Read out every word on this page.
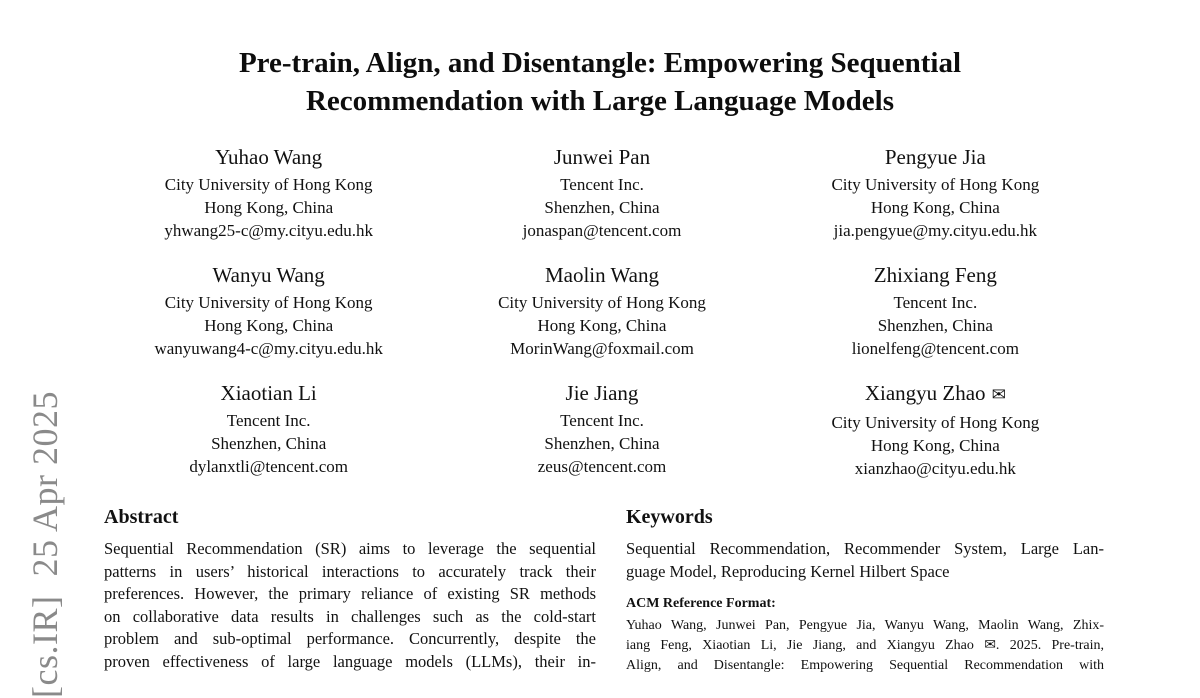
[cs.IR]  25 Apr 2025
Pre-train, Align, and Disentangle: Empowering Sequential
Recommendation with Large Language Models
Yuhao Wang
City University of Hong Kong
Hong Kong, China
yhwang25-c@my.cityu.edu.hk
Junwei Pan
Tencent Inc.
Shenzhen, China
jonaspan@tencent.com
Pengyue Jia
City University of Hong Kong
Hong Kong, China
jia.pengyue@my.cityu.edu.hk
Wanyu Wang
City University of Hong Kong
Hong Kong, China
wanyuwang4-c@my.cityu.edu.hk
Maolin Wang
City University of Hong Kong
Hong Kong, China
MorinWang@foxmail.com
Zhixiang Feng
Tencent Inc.
Shenzhen, China
lionelfeng@tencent.com
Xiaotian Li
Tencent Inc.
Shenzhen, China
dylanxtli@tencent.com
Jie Jiang
Tencent Inc.
Shenzhen, China
zeus@tencent.com
Xiangyu Zhao ✉
City University of Hong Kong
Hong Kong, China
xianzhao@cityu.edu.hk
Abstract
Sequential Recommendation (SR) aims to leverage the sequential
patterns in users’ historical interactions to accurately track their
preferences. However, the primary reliance of existing SR methods
on collaborative data results in challenges such as the cold-start
problem and sub-optimal performance. Concurrently, despite the
proven effectiveness of large language models (LLMs), their in-
Keywords
Sequential Recommendation, Recommender System, Large Lan-
guage Model, Reproducing Kernel Hilbert Space
ACM Reference Format:
Yuhao Wang, Junwei Pan, Pengyue Jia, Wanyu Wang, Maolin Wang, Zhix-
iang Feng, Xiaotian Li, Jie Jiang, and Xiangyu Zhao ✉. 2025. Pre-train,
Align, and Disentangle: Empowering Sequential Recommendation with
